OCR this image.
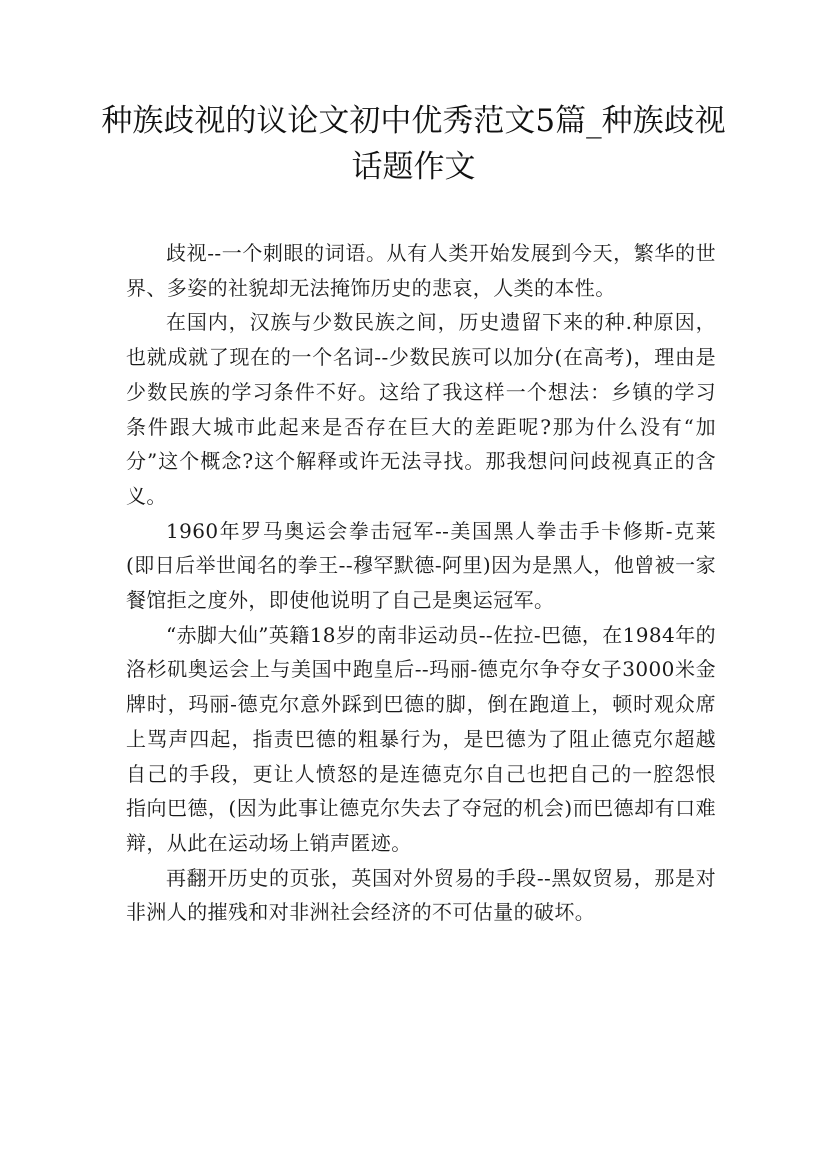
种族歧视的议论文初中优秀范文5篇_种族歧视话题作文

歧视--一个刺眼的词语。从有人类开始发展到今天，繁华的世界、多姿的社貌却无法掩饰历史的悲哀，人类的本性。

在国内，汉族与少数民族之间，历史遗留下来的种.种原因，也就成就了现在的一个名词--少数民族可以加分(在高考)，理由是少数民族的学习条件不好。这给了我这样一个想法：乡镇的学习条件跟大城市此起来是否存在巨大的差距呢?那为什么没有“加分”这个概念?这个解释或许无法寻找。那我想问问歧视真正的含义。

1960年罗马奥运会拳击冠军--美国黑人拳击手卡修斯-克莱(即日后举世闻名的拳王--穆罕默德-阿里)因为是黑人，他曾被一家餐馆拒之度外，即使他说明了自己是奥运冠军。

“赤脚大仙”英籍18岁的南非运动员--佐拉-巴德，在1984年的洛杉矶奥运会上与美国中跑皇后--玛丽-德克尔争夺女子3000米金牌时，玛丽-德克尔意外踩到巴德的脚，倒在跑道上，顿时观众席上骂声四起，指责巴德的粗暴行为，是巴德为了阻止德克尔超越自己的手段，更让人愤怒的是连德克尔自己也把自己的一腔怨恨指向巴德，(因为此事让德克尔失去了夺冠的机会)而巴德却有口难辩，从此在运动场上销声匿迹。

再翻开历史的页张，英国对外贸易的手段--黑奴贸易，那是对非洲人的摧残和对非洲社会经济的不可估量的破坏。
